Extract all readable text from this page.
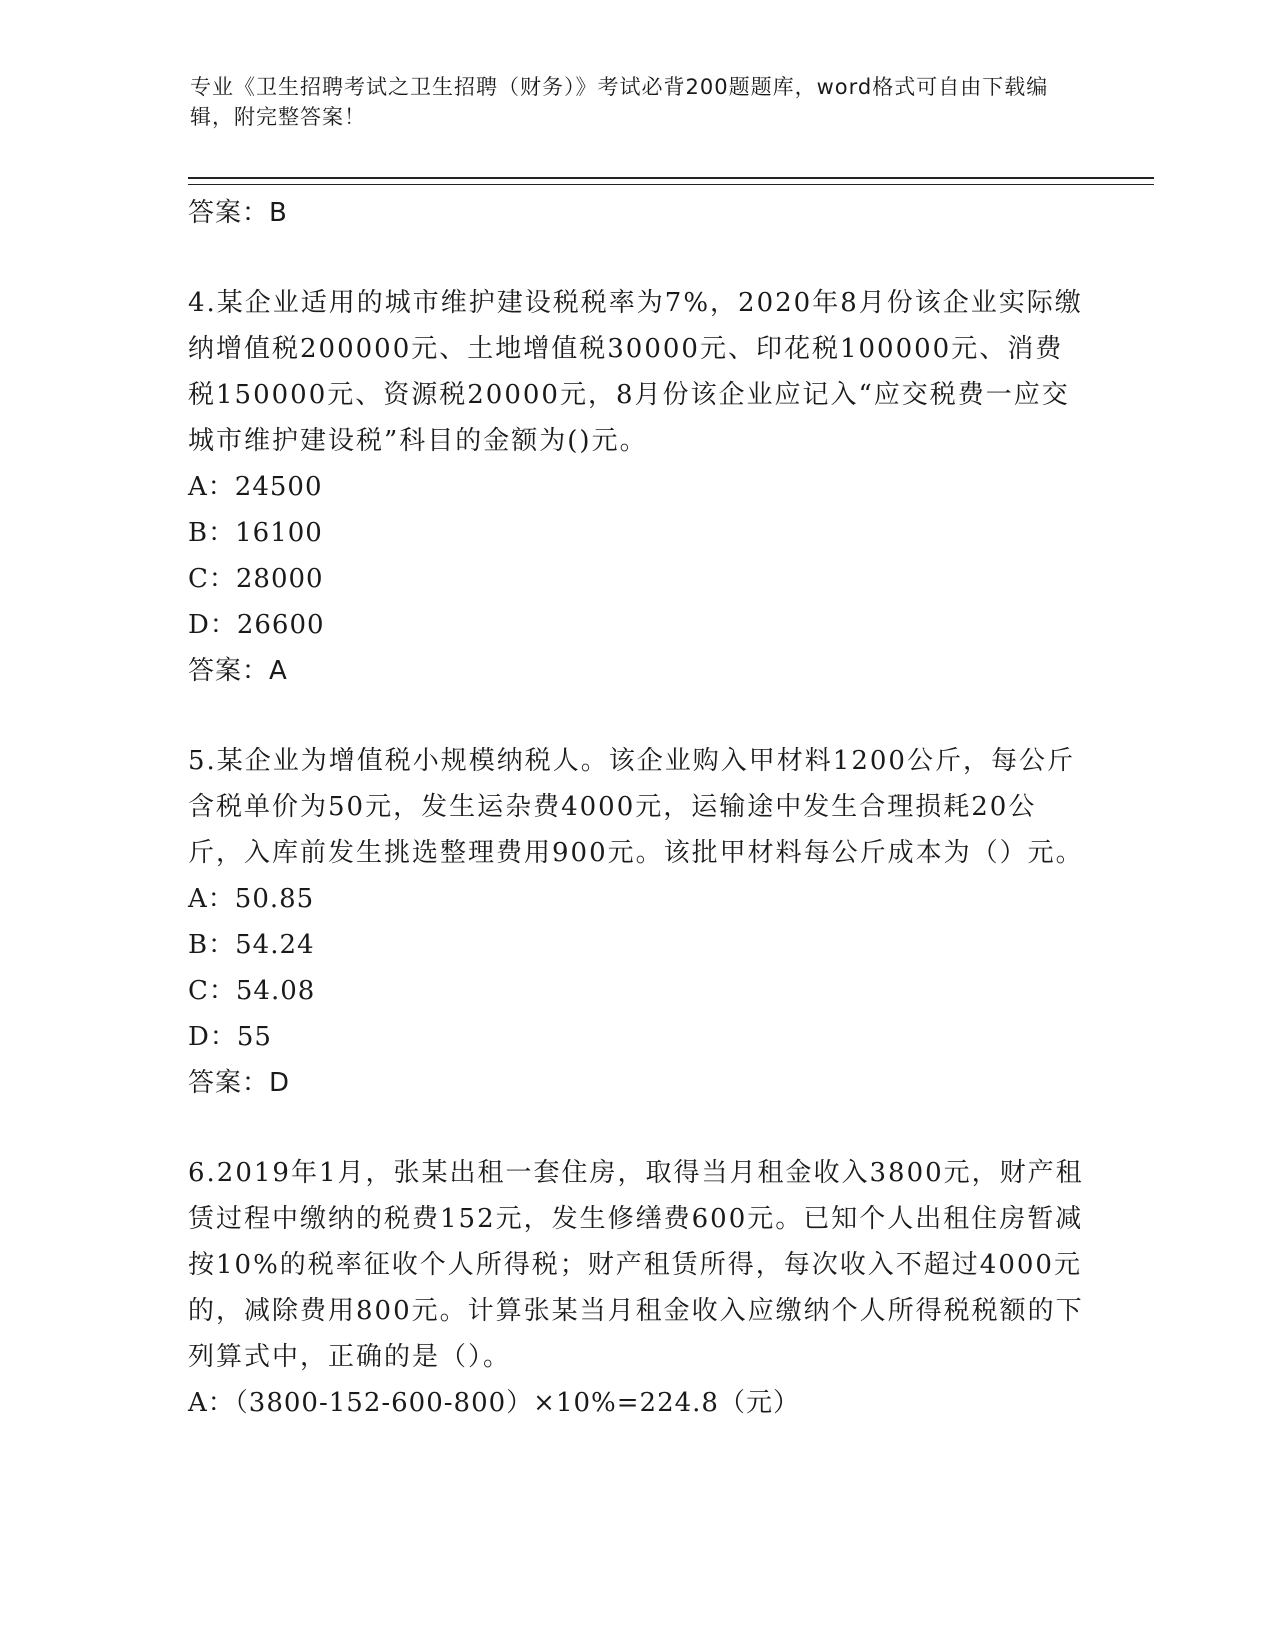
专业《卫生招聘考试之卫生招聘（财务）》考试必背200题题库，word格式可自由下载编辑，附完整答案！
答案：B
4.某企业适用的城市维护建设税税率为7%，2020年8月份该企业实际缴纳增值税200000元、土地增值税30000元、印花税100000元、消费税150000元、资源税20000元，8月份该企业应记入“应交税费一应交城市维护建设税”科目的金额为()元。
A：24500
B：16100
C：28000
D：26600
答案：A
5.某企业为增值税小规模纳税人。该企业购入甲材料1200公斤，每公斤含税单价为50元，发生运杂费4000元，运输途中发生合理损耗20公斤，入库前发生挑选整理费用900元。该批甲材料每公斤成本为（）元。
A：50.85
B：54.24
C：54.08
D：55
答案：D
6.2019年1月，张某出租一套住房，取得当月租金收入3800元，财产租赁过程中缴纳的税费152元，发生修缮费600元。已知个人出租住房暂减按10%的税率征收个人所得税；财产租赁所得，每次收入不超过4000元的，减除费用800元。计算张某当月租金收入应缴纳个人所得税税额的下列算式中，正确的是（）。
A：（3800-152-600-800）×10%=224.8（元）
